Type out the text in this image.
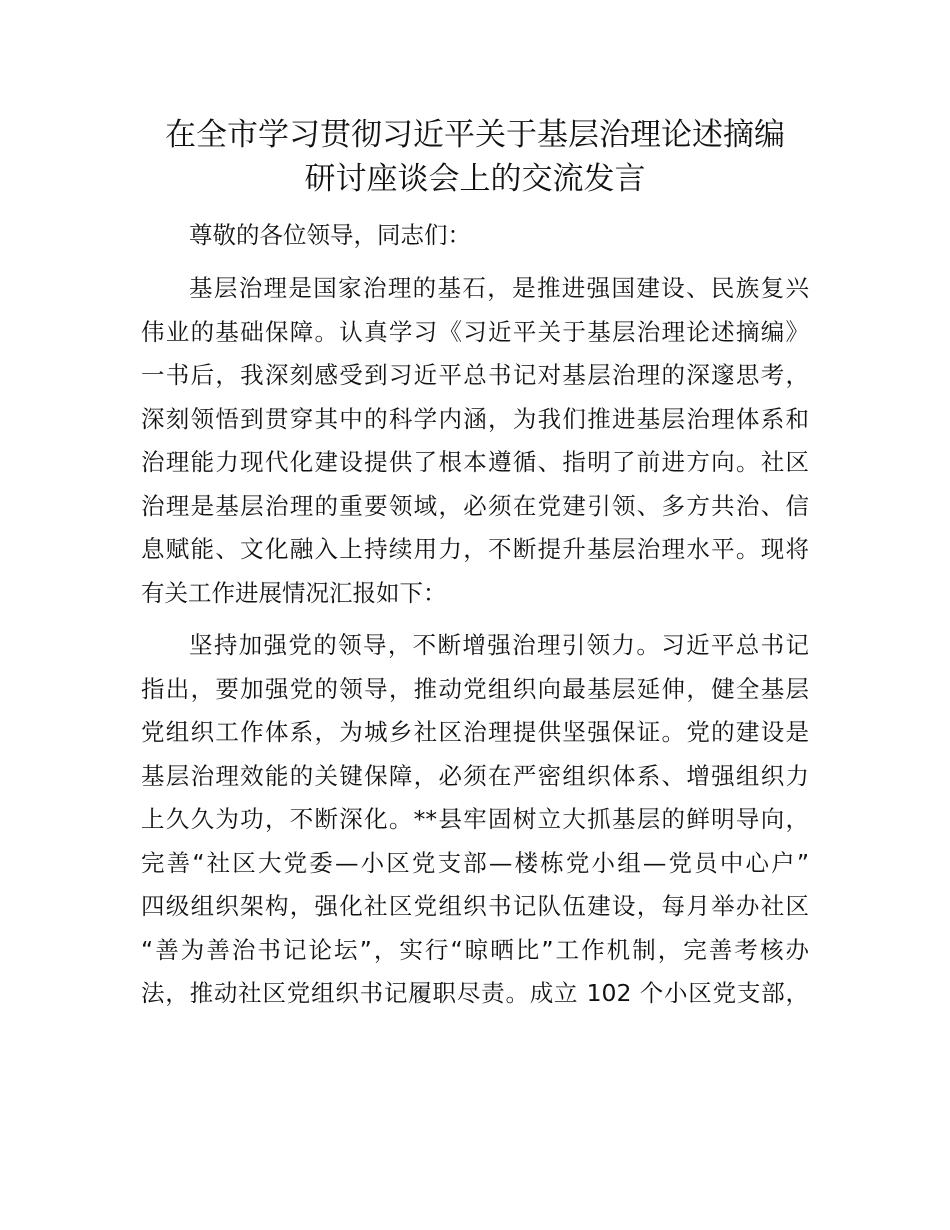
在全市学习贯彻习近平关于基层治理论述摘编
研讨座谈会上的交流发言
尊敬的各位领导，同志们：
基层治理是国家治理的基石，是推进强国建设、民族复兴
伟业的基础保障。认真学习《习近平关于基层治理论述摘编》
一书后，我深刻感受到习近平总书记对基层治理的深邃思考，
深刻领悟到贯穿其中的科学内涵，为我们推进基层治理体系和
治理能力现代化建设提供了根本遵循、指明了前进方向。社区
治理是基层治理的重要领域，必须在党建引领、多方共治、信
息赋能、文化融入上持续用力，不断提升基层治理水平。现将
有关工作进展情况汇报如下：
坚持加强党的领导，不断增强治理引领力。习近平总书记
指出，要加强党的领导，推动党组织向最基层延伸，健全基层
党组织工作体系，为城乡社区治理提供坚强保证。党的建设是
基层治理效能的关键保障，必须在严密组织体系、增强组织力
上久久为功，不断深化。**县牢固树立大抓基层的鲜明导向，
完善“社区大党委—小区党支部—楼栋党小组—党员中心户”
四级组织架构，强化社区党组织书记队伍建设，每月举办社区
“善为善治书记论坛”，实行“晾晒比”工作机制，完善考核办
法，推动社区党组织书记履职尽责。成立 102 个小区党支部，
